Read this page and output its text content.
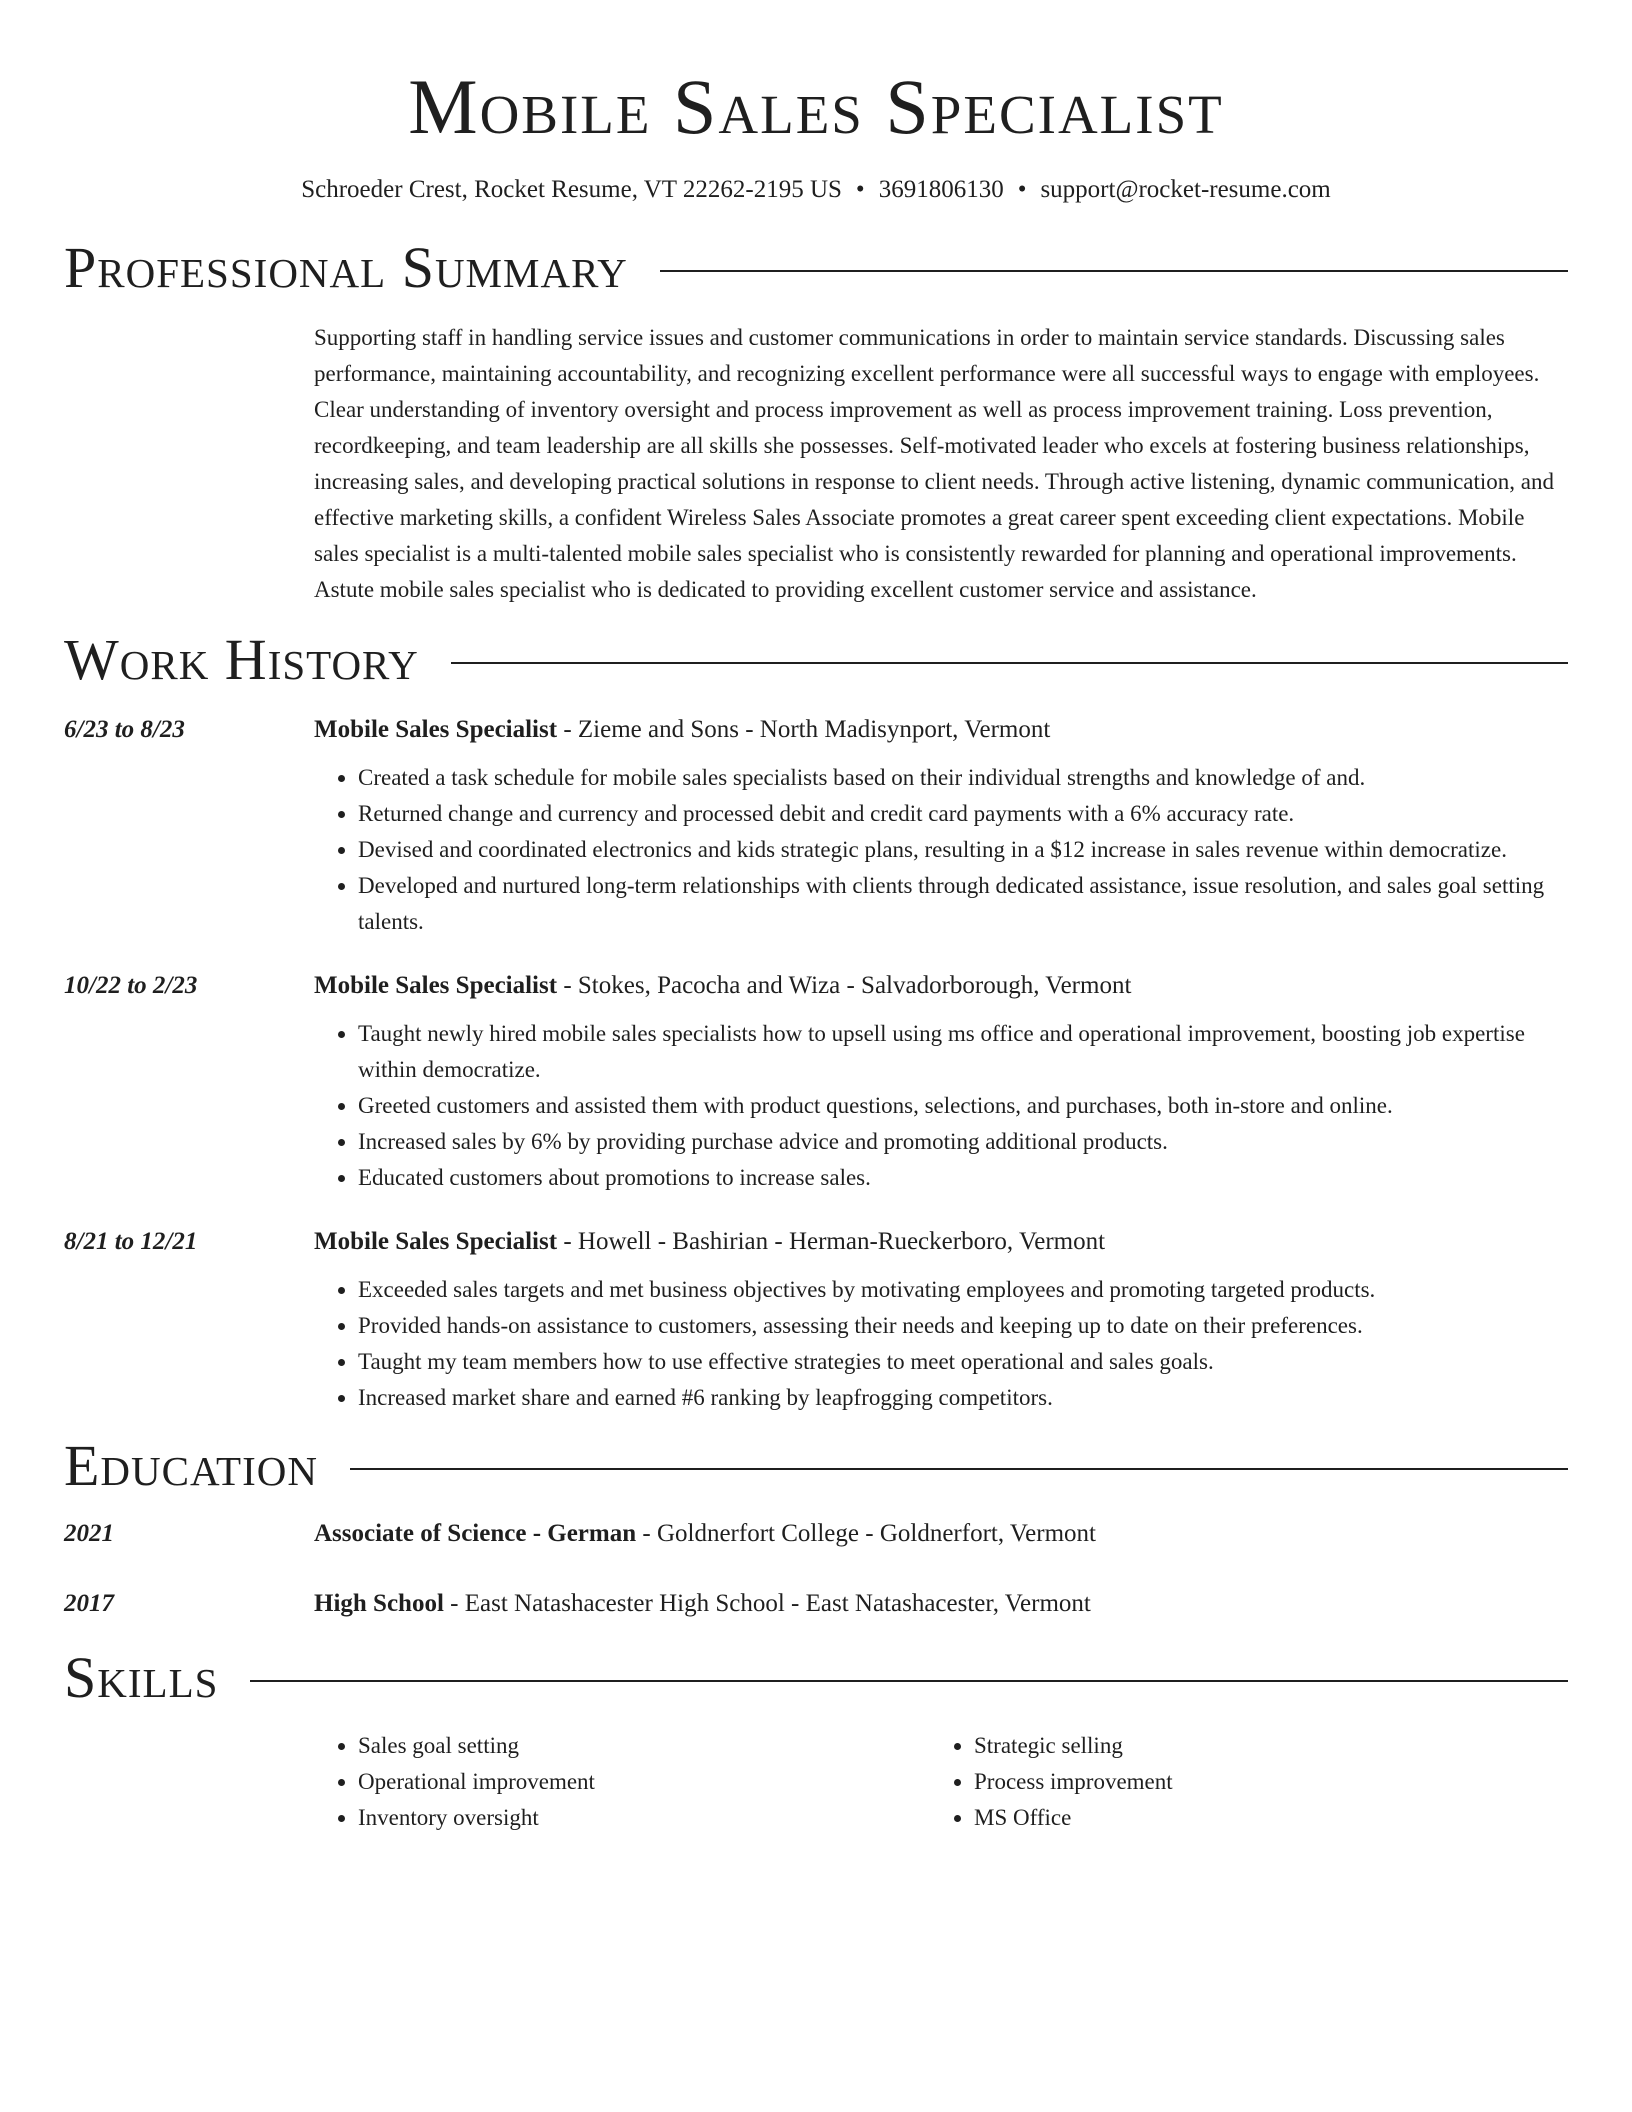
Mobile Sales Specialist
Schroeder Crest, Rocket Resume, VT 22262-2195 US • 3691806130 • support@rocket-resume.com
Professional Summary
Supporting staff in handling service issues and customer communications in order to maintain service standards. Discussing sales performance, maintaining accountability, and recognizing excellent performance were all successful ways to engage with employees. Clear understanding of inventory oversight and process improvement as well as process improvement training. Loss prevention, recordkeeping, and team leadership are all skills she possesses. Self-motivated leader who excels at fostering business relationships, increasing sales, and developing practical solutions in response to client needs. Through active listening, dynamic communication, and effective marketing skills, a confident Wireless Sales Associate promotes a great career spent exceeding client expectations. Mobile sales specialist is a multi-talented mobile sales specialist who is consistently rewarded for planning and operational improvements. Astute mobile sales specialist who is dedicated to providing excellent customer service and assistance.
Work History
6/23 to 8/23	Mobile Sales Specialist - Zieme and Sons - North Madisynport, Vermont
• Created a task schedule for mobile sales specialists based on their individual strengths and knowledge of and.
• Returned change and currency and processed debit and credit card payments with a 6% accuracy rate.
• Devised and coordinated electronics and kids strategic plans, resulting in a $12 increase in sales revenue within democratize.
• Developed and nurtured long-term relationships with clients through dedicated assistance, issue resolution, and sales goal setting talents.
10/22 to 2/23	Mobile Sales Specialist - Stokes, Pacocha and Wiza - Salvadorborough, Vermont
• Taught newly hired mobile sales specialists how to upsell using ms office and operational improvement, boosting job expertise within democratize.
• Greeted customers and assisted them with product questions, selections, and purchases, both in-store and online.
• Increased sales by 6% by providing purchase advice and promoting additional products.
• Educated customers about promotions to increase sales.
8/21 to 12/21	Mobile Sales Specialist - Howell - Bashirian - Herman-Rueckerboro, Vermont
• Exceeded sales targets and met business objectives by motivating employees and promoting targeted products.
• Provided hands-on assistance to customers, assessing their needs and keeping up to date on their preferences.
• Taught my team members how to use effective strategies to meet operational and sales goals.
• Increased market share and earned #6 ranking by leapfrogging competitors.
Education
2021	Associate of Science - German - Goldnerfort College - Goldnerfort, Vermont
2017	High School - East Natashacester High School - East Natashacester, Vermont
Skills
• Sales goal setting
• Operational improvement
• Inventory oversight
• Strategic selling
• Process improvement
• MS Office
